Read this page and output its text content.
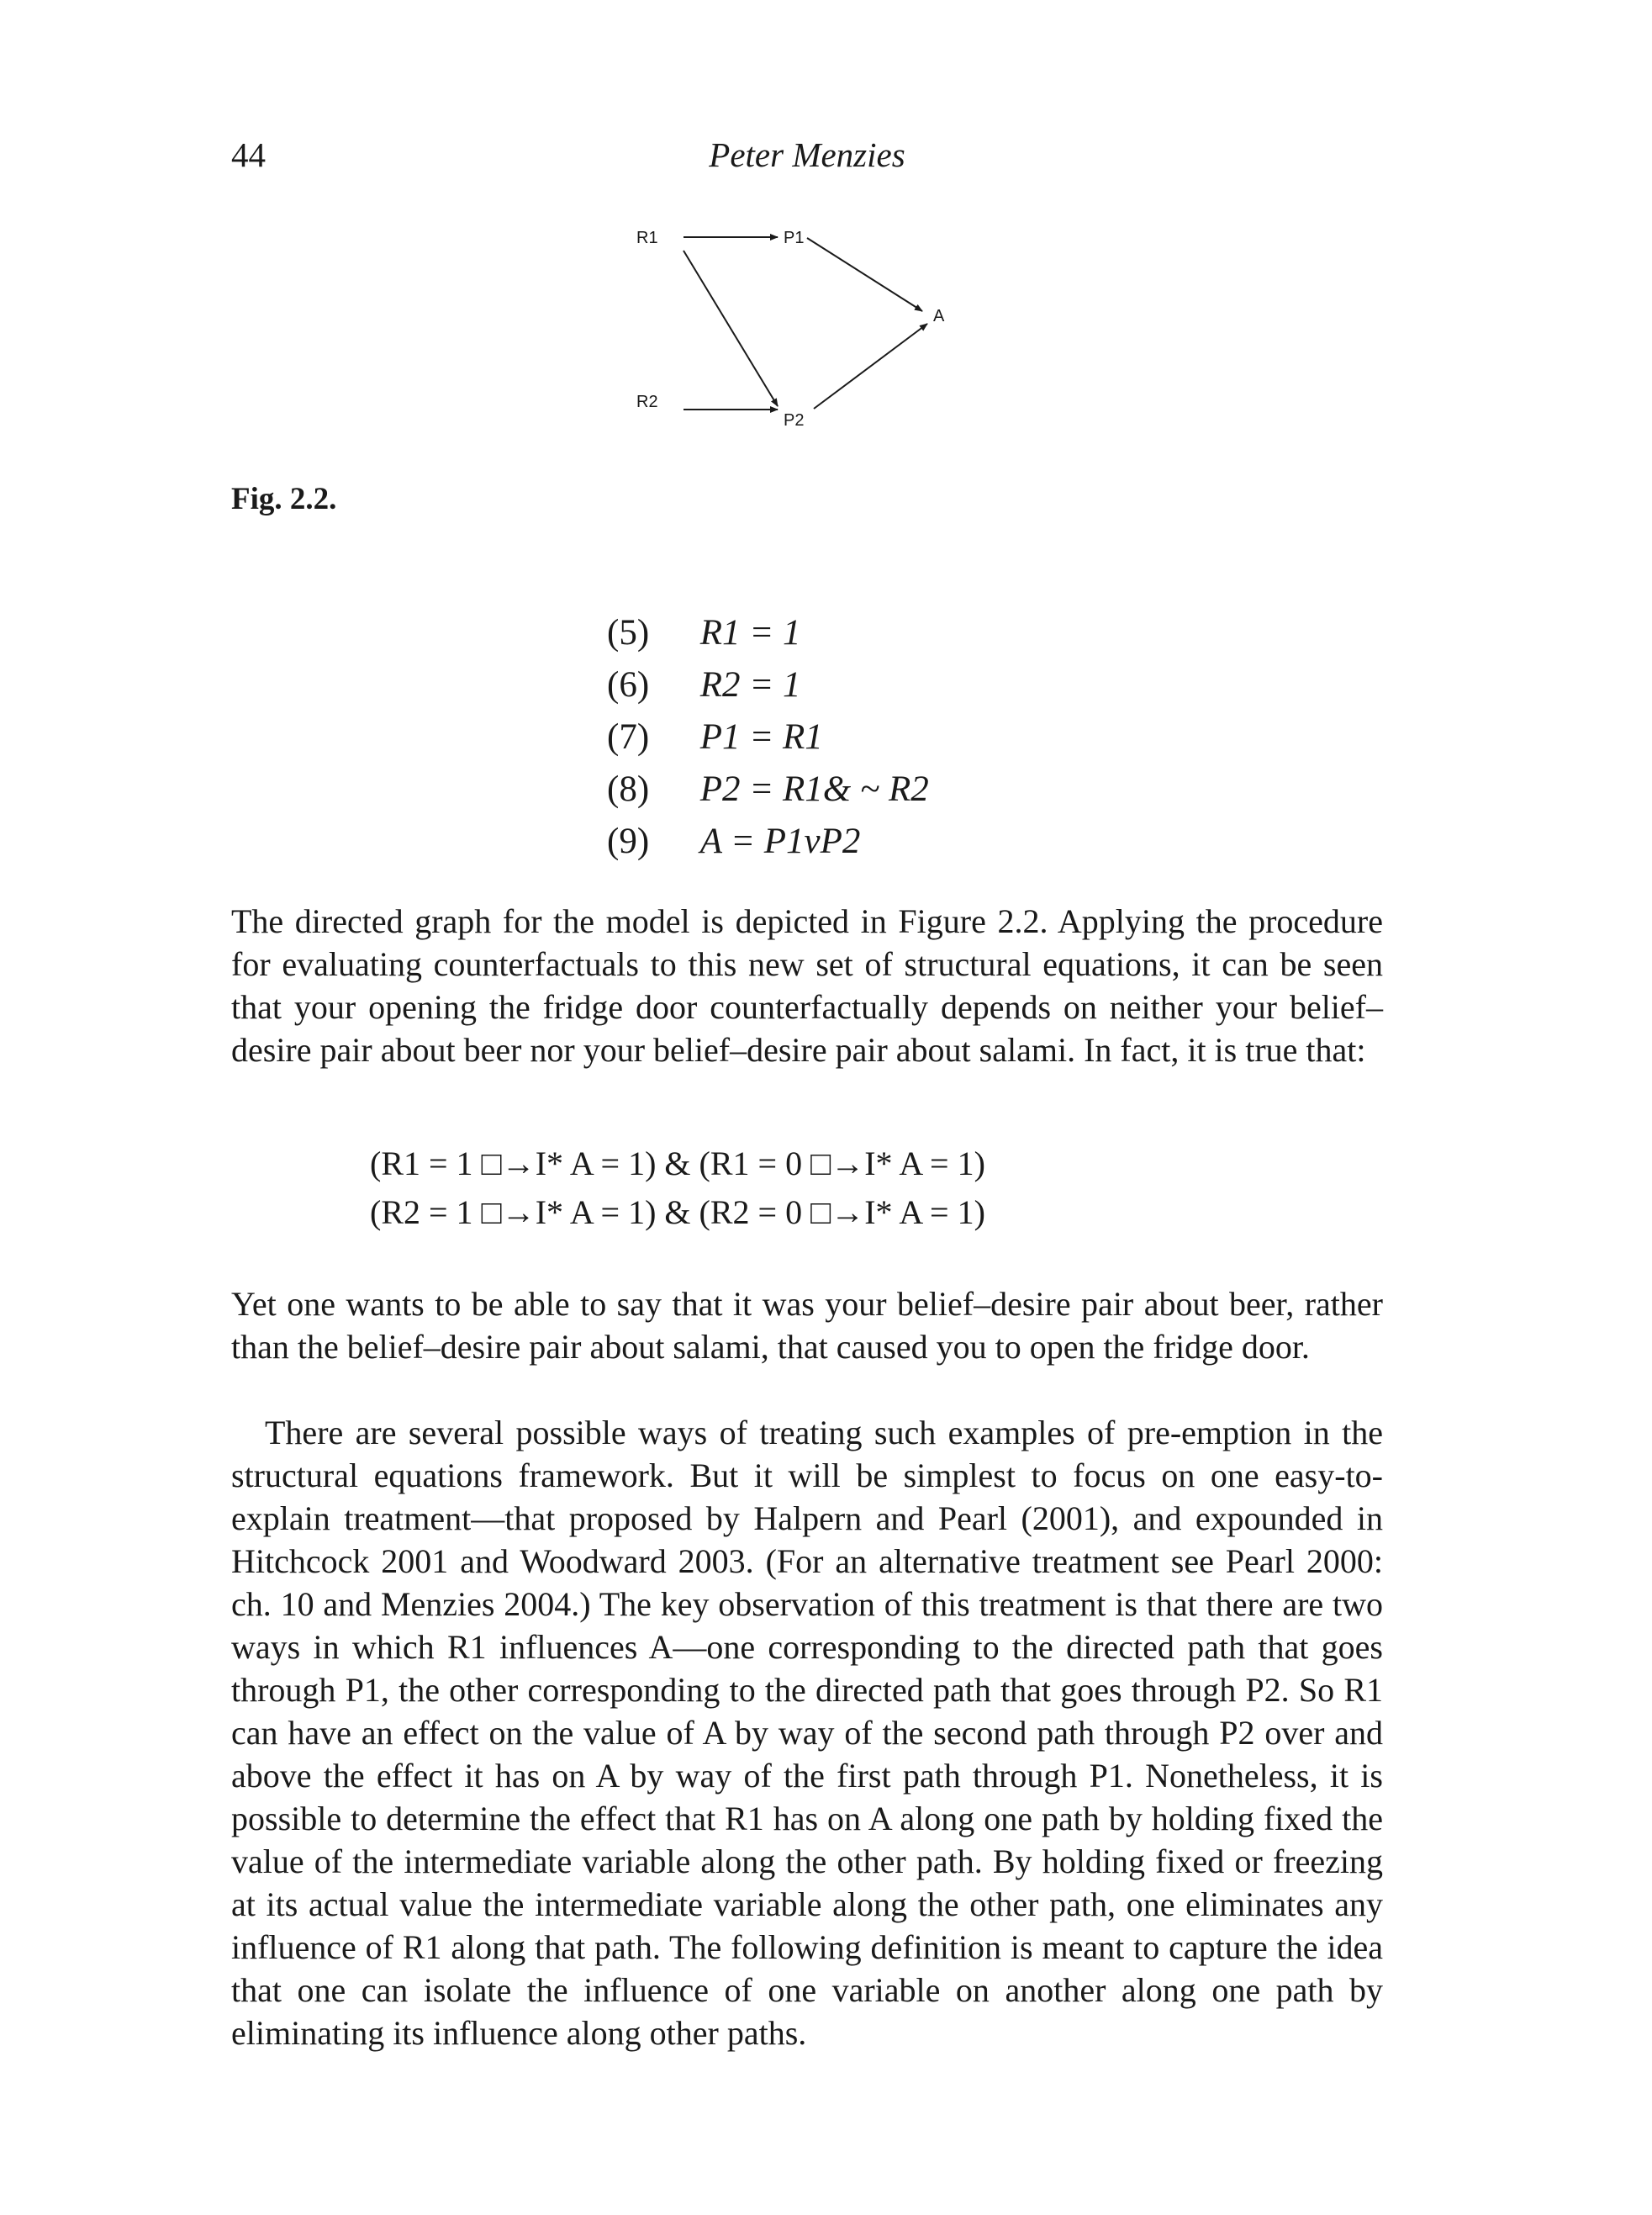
44	Peter Menzies
R1	P1
A
R2
P2
Fig. 2.2.
(5) R1 = 1
(6) R2 = 1
(7) P1 = R1
(8) P2 = R1& ~ R2
(9) A = P1vP2

The directed graph for the model is depicted in Figure 2.2. Applying the procedure for evaluating counterfactuals to this new set of structural equations, it can be seen that your opening the fridge door counterfactually depends on neither your belief–desire pair about beer nor your belief–desire pair about salami. In fact, it is true that:

(R1 = 1 □→I* A = 1) & (R1 = 0 □→I* A = 1)
(R2 = 1 □→I* A = 1) & (R2 = 0 □→I* A = 1)

Yet one wants to be able to say that it was your belief–desire pair about beer, rather than the belief–desire pair about salami, that caused you to open the fridge door.

There are several possible ways of treating such examples of pre-emption in the structural equations framework. But it will be simplest to focus on one easy-to-explain treatment—that proposed by Halpern and Pearl (2001), and expounded in Hitchcock 2001 and Woodward 2003. (For an alternative treatment see Pearl 2000: ch. 10 and Menzies 2004.) The key observation of this treatment is that there are two ways in which R1 influences A—one corresponding to the directed path that goes through P1, the other corresponding to the directed path that goes through P2. So R1 can have an effect on the value of A by way of the second path through P2 over and above the effect it has on A by way of the first path through P1. Nonetheless, it is possible to determine the effect that R1 has on A along one path by holding fixed the value of the intermediate variable along the other path. By holding fixed or freezing at its actual value the intermediate variable along the other path, one eliminates any influence of R1 along that path. The following definition is meant to capture the idea that one can isolate the influence of one variable on another along one path by eliminating its influence along other paths.
